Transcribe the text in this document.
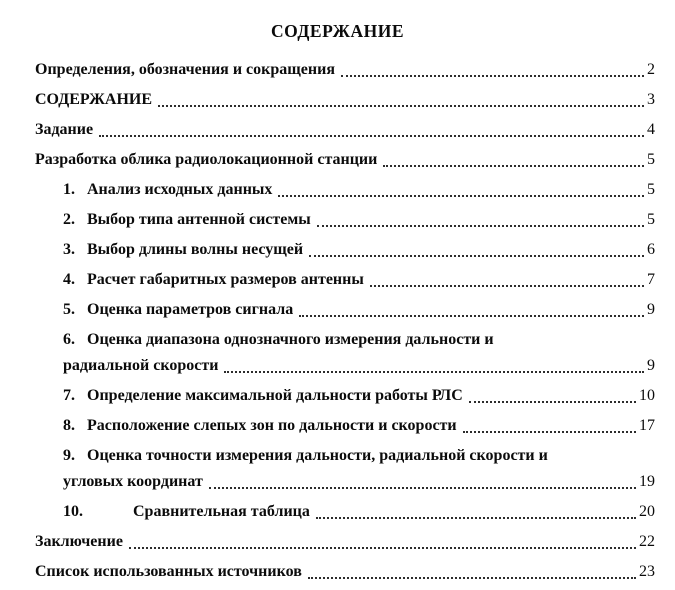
СОДЕРЖАНИЕ
Определения, обозначения и сокращения	2
СОДЕРЖАНИЕ	3
Задание	4
Разработка облика радиолокационной станции	5
1. Анализ исходных данных	5
2. Выбор типа антенной системы	5
3. Выбор длины волны несущей	6
4. Расчет габаритных размеров антенны	7
5. Оценка параметров сигнала	9
6. Оценка диапазона однозначного измерения дальности и
радиальной скорости	9
7. Определение максимальной дальности работы РЛС	10
8. Расположение слепых зон по дальности и скорости	17
9. Оценка точности измерения дальности, радиальной скорости и
угловых координат	19
10.	Сравнительная таблица	20
Заключение	22
Список использованных источников	23
